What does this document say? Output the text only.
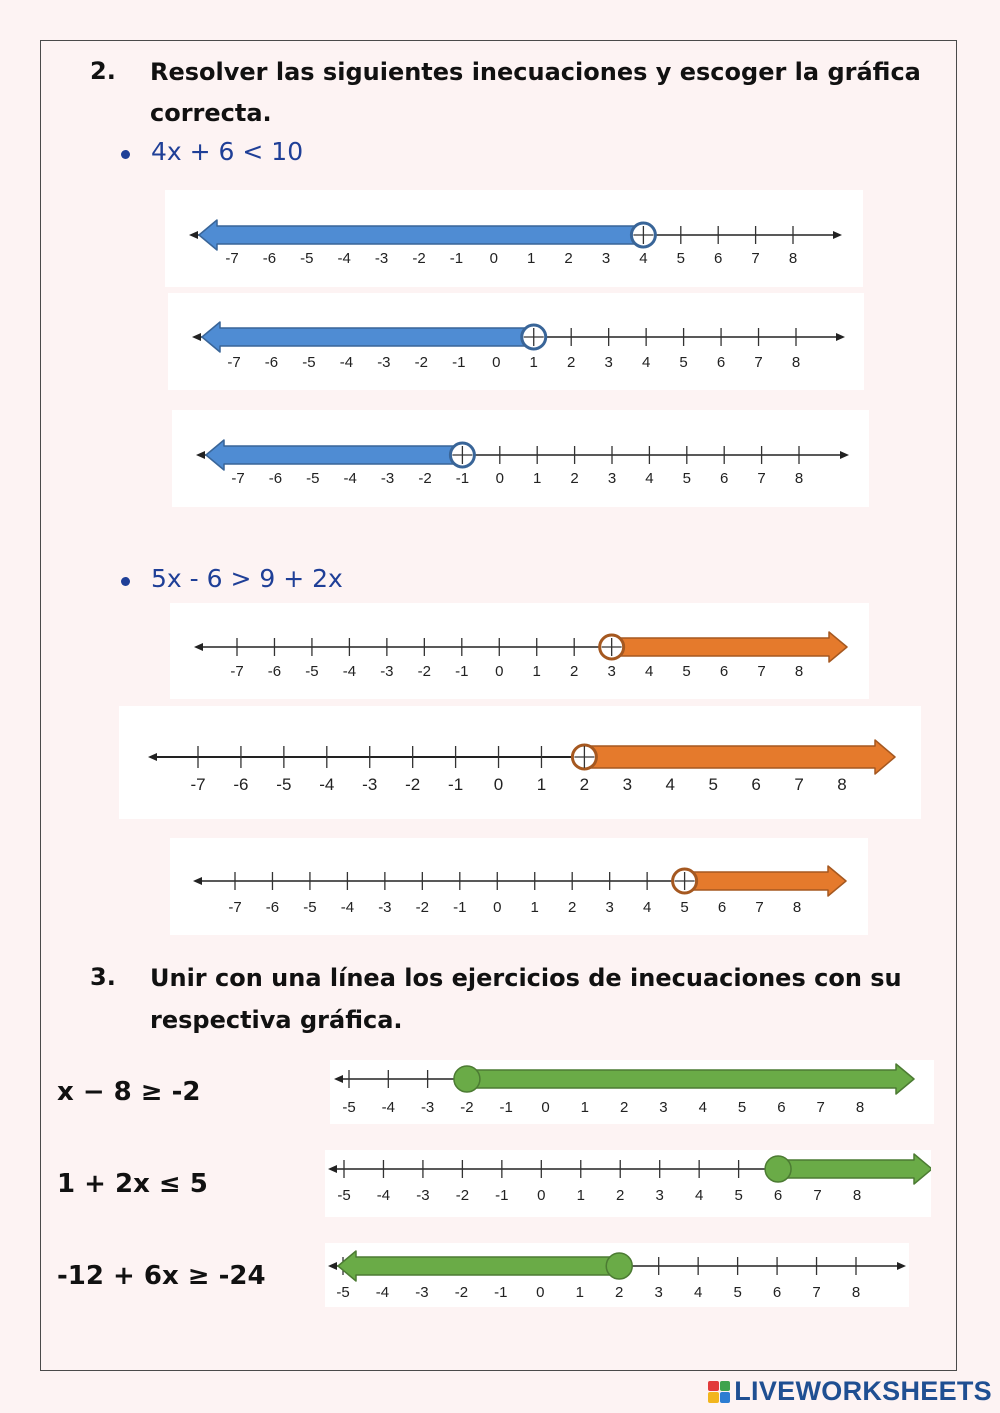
2. Resolver las siguientes inecuaciones y escoger la gráfica
correcta.
4x + 6 < 10
-7 -6 -5 -4 -3 -2 -1 0 1 2 3 4 5 6 7 8
-7 -6 -5 -4 -3 -2 -1 0 1 2 3 4 5 6 7 8
-7 -6 -5 -4 -3 -2 -1 0 1 2 3 4 5 6 7 8
5x - 6 > 9 + 2x
-7 -6 -5 -4 -3 -2 -1 0 1 2 3 4 5 6 7 8
-7 -6 -5 -4 -3 -2 -1 0 1 2 3 4 5 6 7 8
-7 -6 -5 -4 -3 -2 -1 0 1 2 3 4 5 6 7 8
3. Unir con una línea los ejercicios de inecuaciones con su
respectiva gráfica.
x − 8 ≥ -2
1 + 2x ≤ 5
-12 + 6x ≥ -24
-5 -4 -3 -2 -1 0 1 2 3 4 5 6 7 8
-5 -4 -3 -2 -1 0 1 2 3 4 5 6 7 8
-5 -4 -3 -2 -1 0 1 2 3 4 5 6 7 8
LIVEWORKSHEETS
